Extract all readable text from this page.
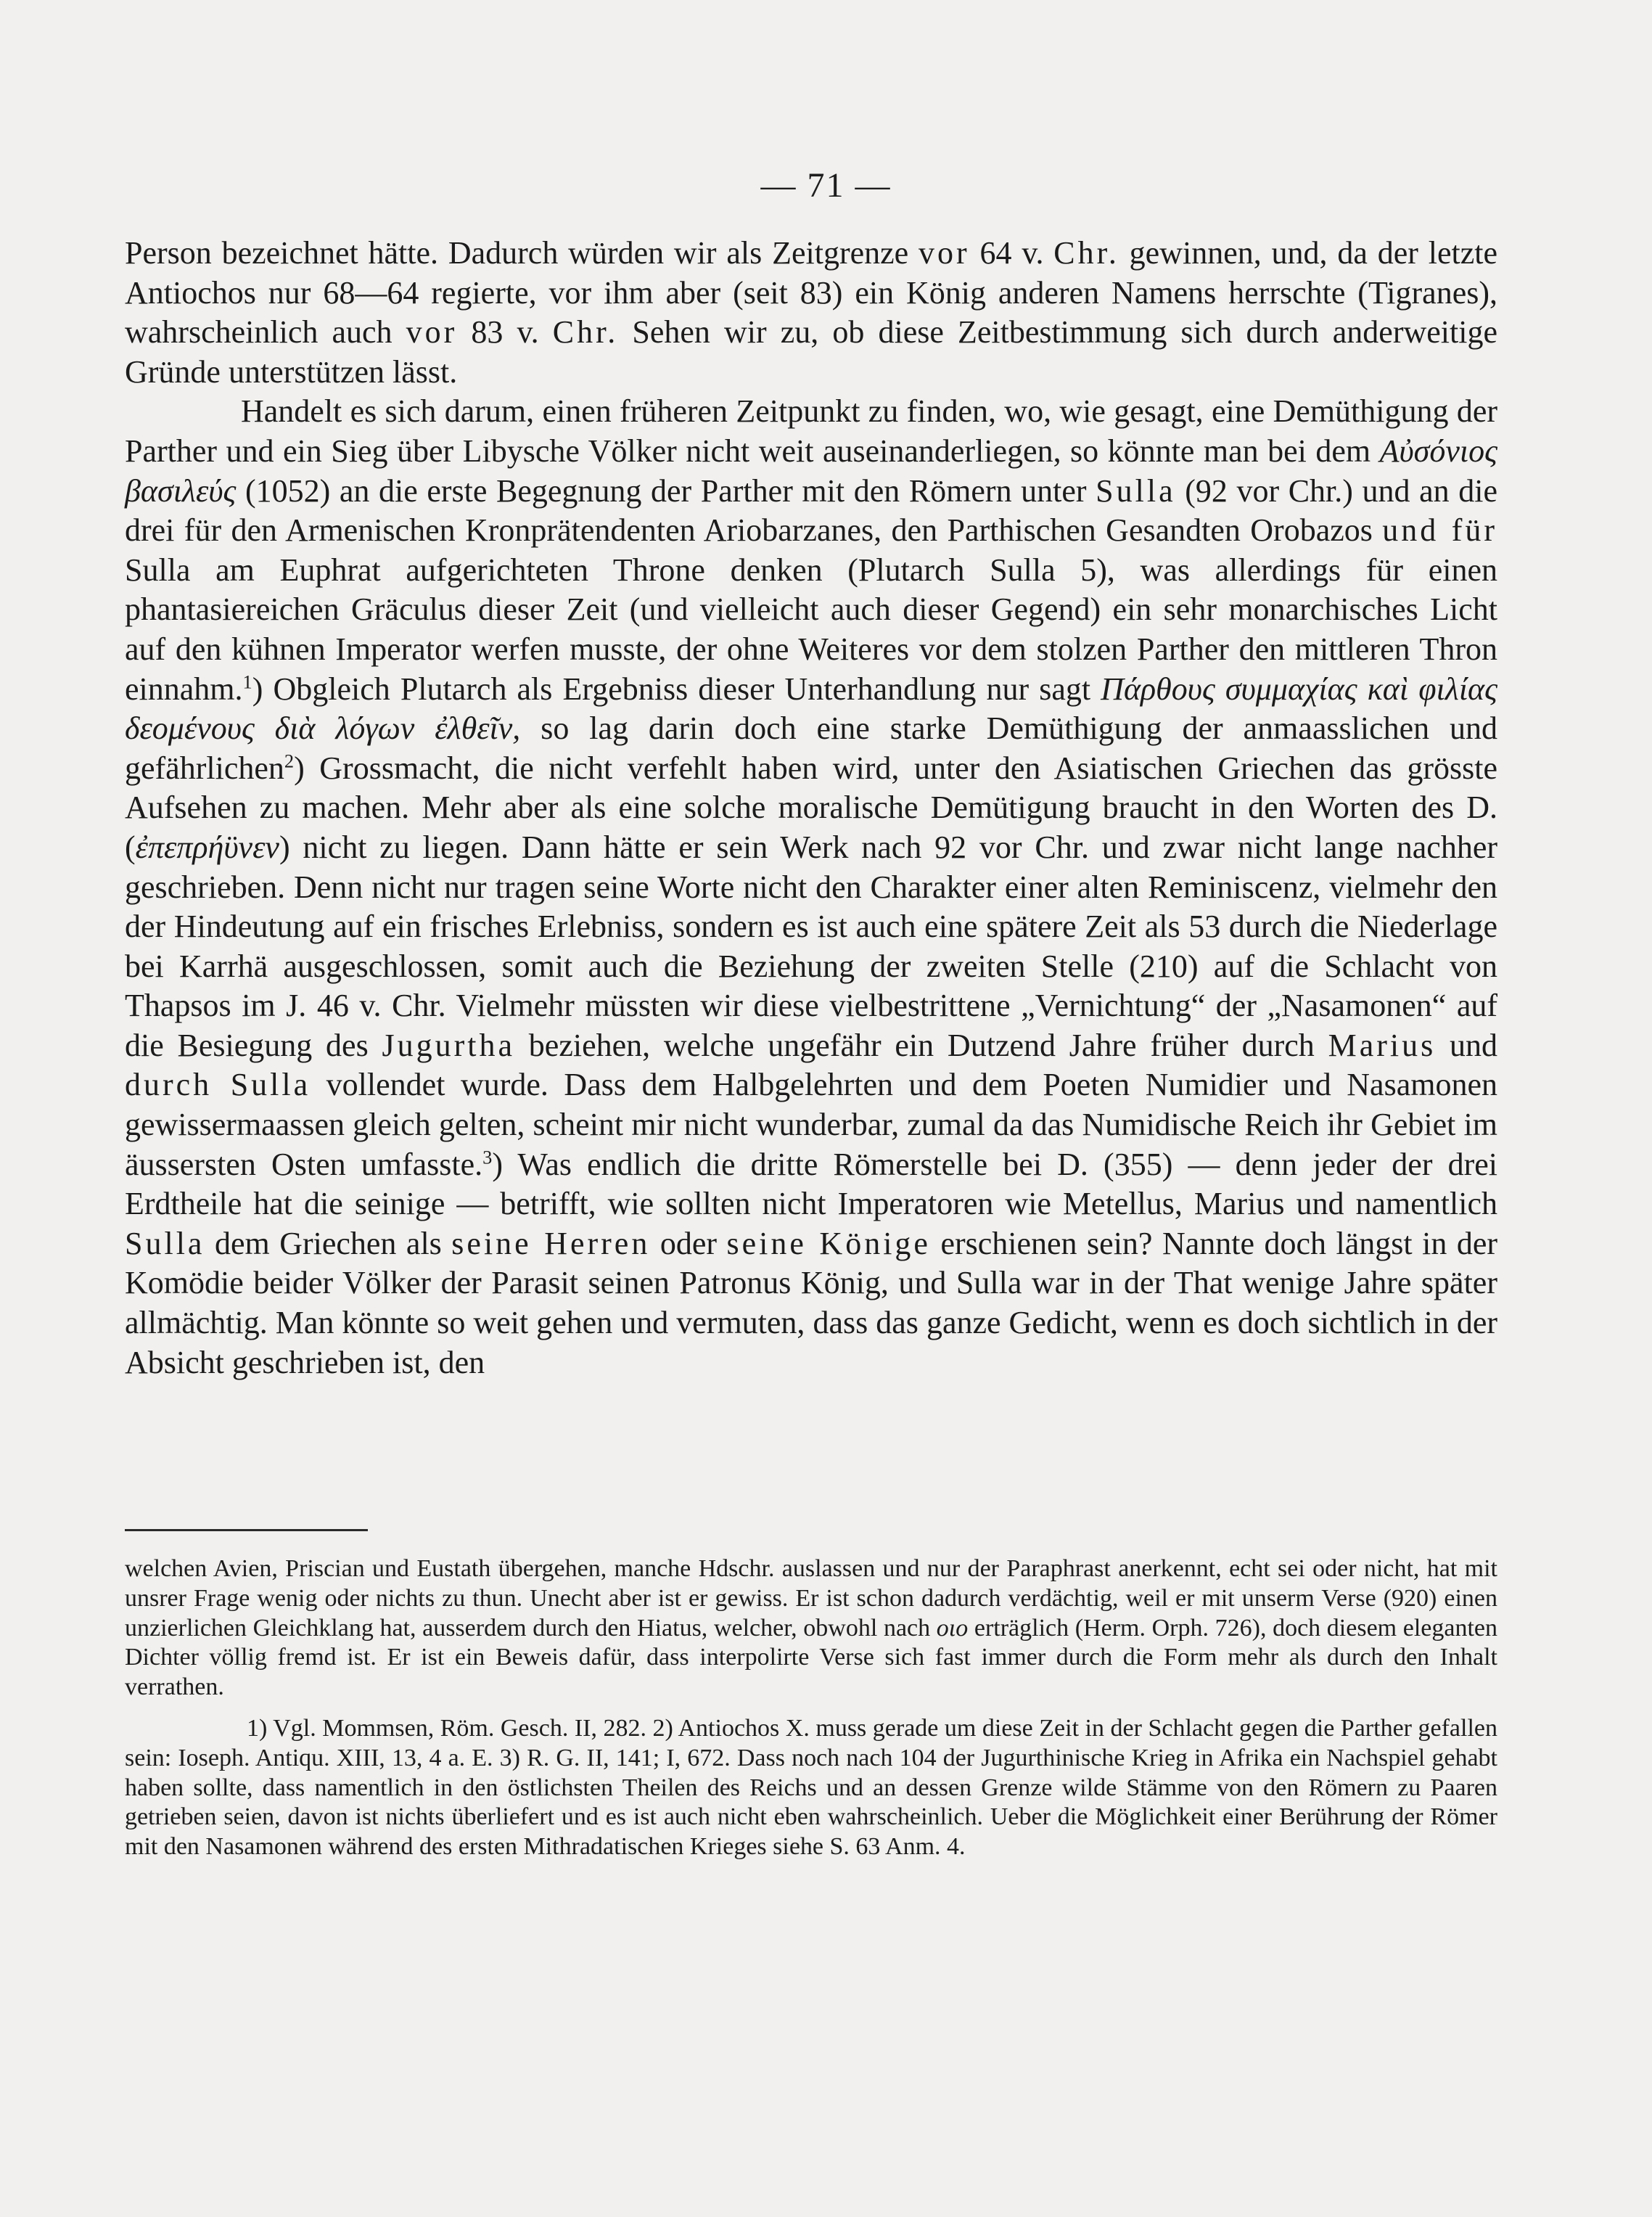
— 71 —

Person bezeichnet hätte. Dadurch würden wir als Zeitgrenze vor 64 v. Chr. gewinnen, und, da der letzte Antiochos nur 68—64 regierte, vor ihm aber (seit 83) ein König anderen Namens herrschte (Tigranes), wahrscheinlich auch vor 83 v. Chr. Sehen wir zu, ob diese Zeitbestimmung sich durch anderweitige Gründe unterstützen lässt.

Handelt es sich darum, einen früheren Zeitpunkt zu finden, wo, wie gesagt, eine Demüthigung der Parther und ein Sieg über Libysche Völker nicht weit auseinanderliegen, so könnte man bei dem Αὐσόνιος βασιλεύς (1052) an die erste Begegnung der Parther mit den Römern unter Sulla (92 vor Chr.) und an die drei für den Armenischen Kronprätendenten Ariobarzanes, den Parthischen Gesandten Orobazos und für Sulla am Euphrat aufgerichteten Throne denken (Plutarch Sulla 5), was allerdings für einen phantasiereichen Gräculus dieser Zeit (und vielleicht auch dieser Gegend) ein sehr monarchisches Licht auf den kühnen Imperator werfen musste, der ohne Weiteres vor dem stolzen Parther den mittleren Thron einnahm.$^1$) Obgleich Plutarch als Ergebniss dieser Unterhandlung nur sagt Πάρθους συμμαχίας καὶ φιλίας δεομένους διὰ λόγων ἐλθεῖν, so lag darin doch eine starke Demüthigung der anmaasslichen und gefährlichen$^2$) Grossmacht, die nicht verfehlt haben wird, unter den Asiatischen Griechen das grösste Aufsehen zu machen. Mehr aber als eine solche moralische Demütigung braucht in den Worten des D. (ἐπεπρήϋνεν) nicht zu liegen. Dann hätte er sein Werk nach 92 vor Chr. und zwar nicht lange nachher geschrieben. Denn nicht nur tragen seine Worte nicht den Charakter einer alten Reminiscenz, vielmehr den der Hindeutung auf ein frisches Erlebniss, sondern es ist auch eine spätere Zeit als 53 durch die Niederlage bei Karrhä ausgeschlossen, somit auch die Beziehung der zweiten Stelle (210) auf die Schlacht von Thapsos im J. 46 v. Chr. Vielmehr müssten wir diese vielbestrittene „Vernichtung“ der „Nasamonen“ auf die Besiegung des Jugurtha beziehen, welche ungefähr ein Dutzend Jahre früher durch Marius und durch Sulla vollendet wurde. Dass dem Halbgelehrten und dem Poeten Numidier und Nasamonen gewissermaassen gleich gelten, scheint mir nicht wunderbar, zumal da das Numidische Reich ihr Gebiet im äussersten Osten umfasste.$^3$) Was endlich die dritte Römerstelle bei D. (355) — denn jeder der drei Erdtheile hat die seinige — betrifft, wie sollten nicht Imperatoren wie Metellus, Marius und namentlich Sulla dem Griechen als seine Herren oder seine Könige erschienen sein? Nannte doch längst in der Komödie beider Völker der Parasit seinen Patronus König, und Sulla war in der That wenige Jahre später allmächtig. Man könnte so weit gehen und vermuten, dass das ganze Gedicht, wenn es doch sichtlich in der Absicht geschrieben ist, den

welchen Avien, Priscian und Eustath übergehen, manche Hdschr. auslassen und nur der Paraphrast anerkennt, echt sei oder nicht, hat mit unsrer Frage wenig oder nichts zu thun. Unecht aber ist er gewiss. Er ist schon dadurch verdächtig, weil er mit unserm Verse (920) einen unzierlichen Gleichklang hat, ausserdem durch den Hiatus, welcher, obwohl nach οιο erträglich (Herm. Orph. 726), doch diesem eleganten Dichter völlig fremd ist. Er ist ein Beweis dafür, dass interpolirte Verse sich fast immer durch die Form mehr als durch den Inhalt verrathen.

1) Vgl. Mommsen, Röm. Gesch. II, 282. 2) Antiochos X. muss gerade um diese Zeit in der Schlacht gegen die Parther gefallen sein: Ioseph. Antiqu. XIII, 13, 4 a. E. 3) R. G. II, 141; I, 672. Dass noch nach 104 der Jugurthinische Krieg in Afrika ein Nachspiel gehabt haben sollte, dass namentlich in den östlichsten Theilen des Reichs und an dessen Grenze wilde Stämme von den Römern zu Paaren getrieben seien, davon ist nichts überliefert und es ist auch nicht eben wahrscheinlich. Ueber die Möglichkeit einer Berührung der Römer mit den Nasamonen während des ersten Mithradatischen Krieges siehe S. 63 Anm. 4.
